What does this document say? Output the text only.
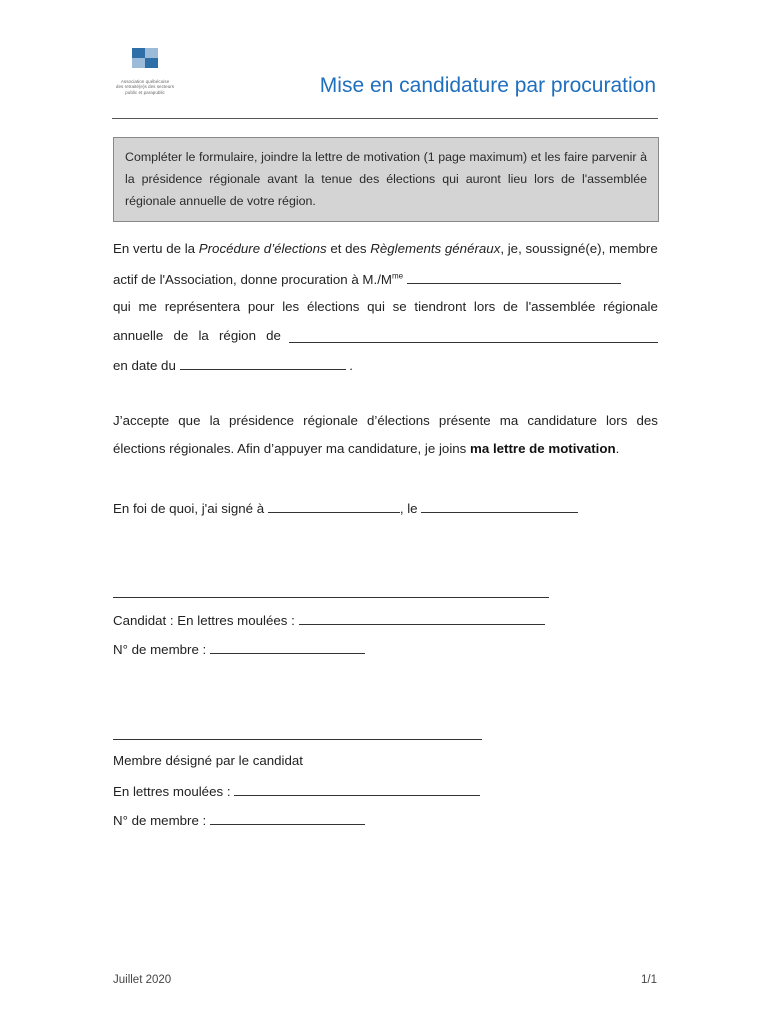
Association québécoise
des retraité(e)s des secteurs
public et parapublic	Mise en candidature par procuration
Compléter le formulaire, joindre la lettre de motivation (1 page maximum) et les faire parvenir à la présidence régionale avant la tenue des élections qui auront lieu lors de l'assemblée régionale annuelle de votre région.
En vertu de la Procédure d’élections et des Règlements généraux, je, soussigné(e), membre
actif de l'Association, donne procuration à $M./M^{me}$
qui me représentera pour les élections qui se tiendront lors de l'assemblée régionale
annuelle de la région de
en date du	.
J’accepte que la présidence régionale d’élections présente ma candidature lors des
élections régionales. Afin d’appuyer ma candidature, je joins ma lettre de motivation.
En foi de quoi, j'ai signé à	, le
Candidat : En lettres moulées :
N° de membre :
Membre désigné par le candidat
En lettres moulées :
N° de membre :
Juillet 2020	1/1
